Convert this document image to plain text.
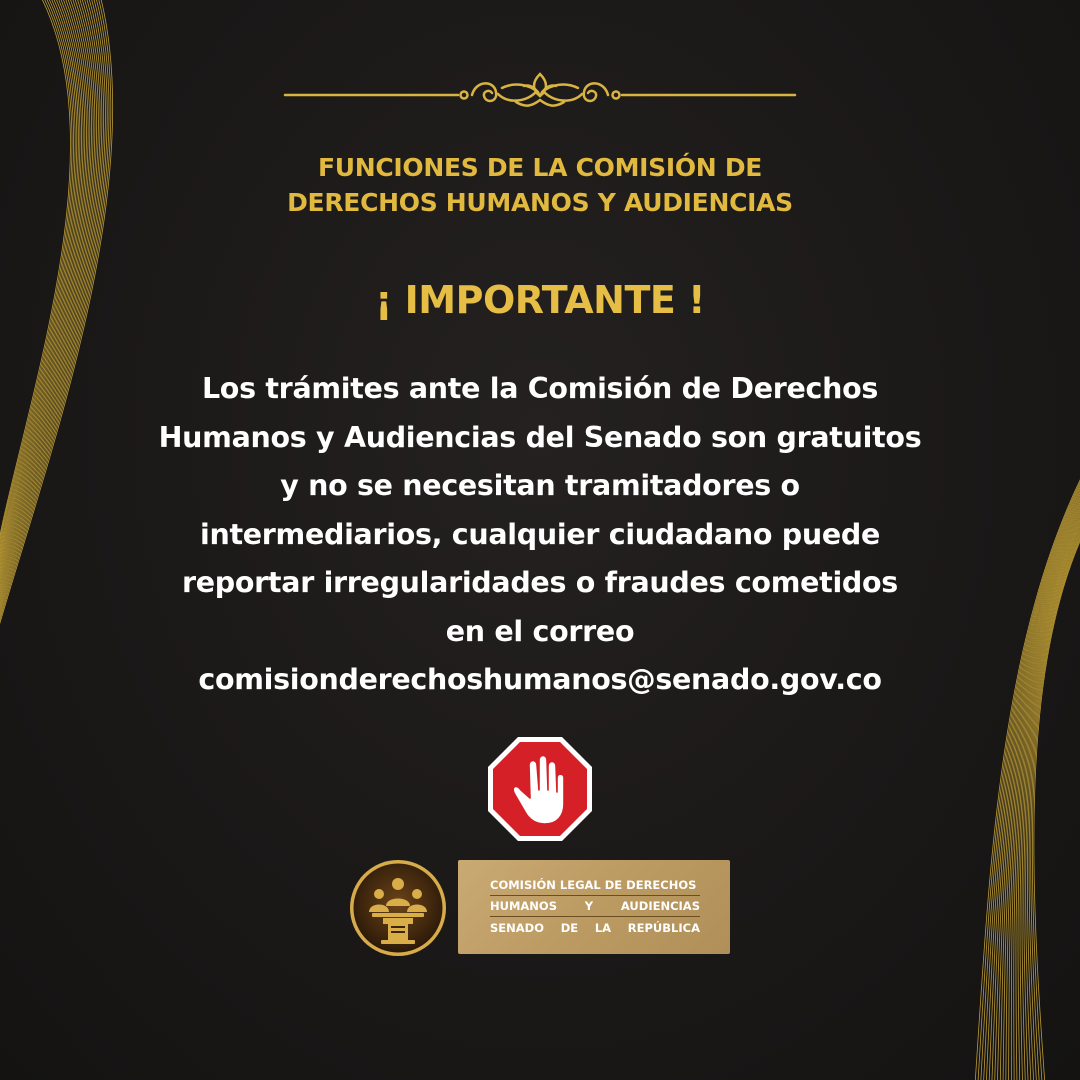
FUNCIONES DE LA COMISIÓN DE
DERECHOS HUMANOS Y AUDIENCIAS
¡ IMPORTANTE !
Los trámites ante la Comisión de Derechos
Humanos y Audiencias del Senado son gratuitos
y no se necesitan tramitadores o
intermediarios, cualquier ciudadano puede
reportar irregularidades o fraudes cometidos
en el correo
comisionderechoshumanos@senado.gov.co
COMISIÓN LEGAL DE DERECHOS
HUMANOS Y AUDIENCIAS
SENADO DE LA REPÚBLICA
